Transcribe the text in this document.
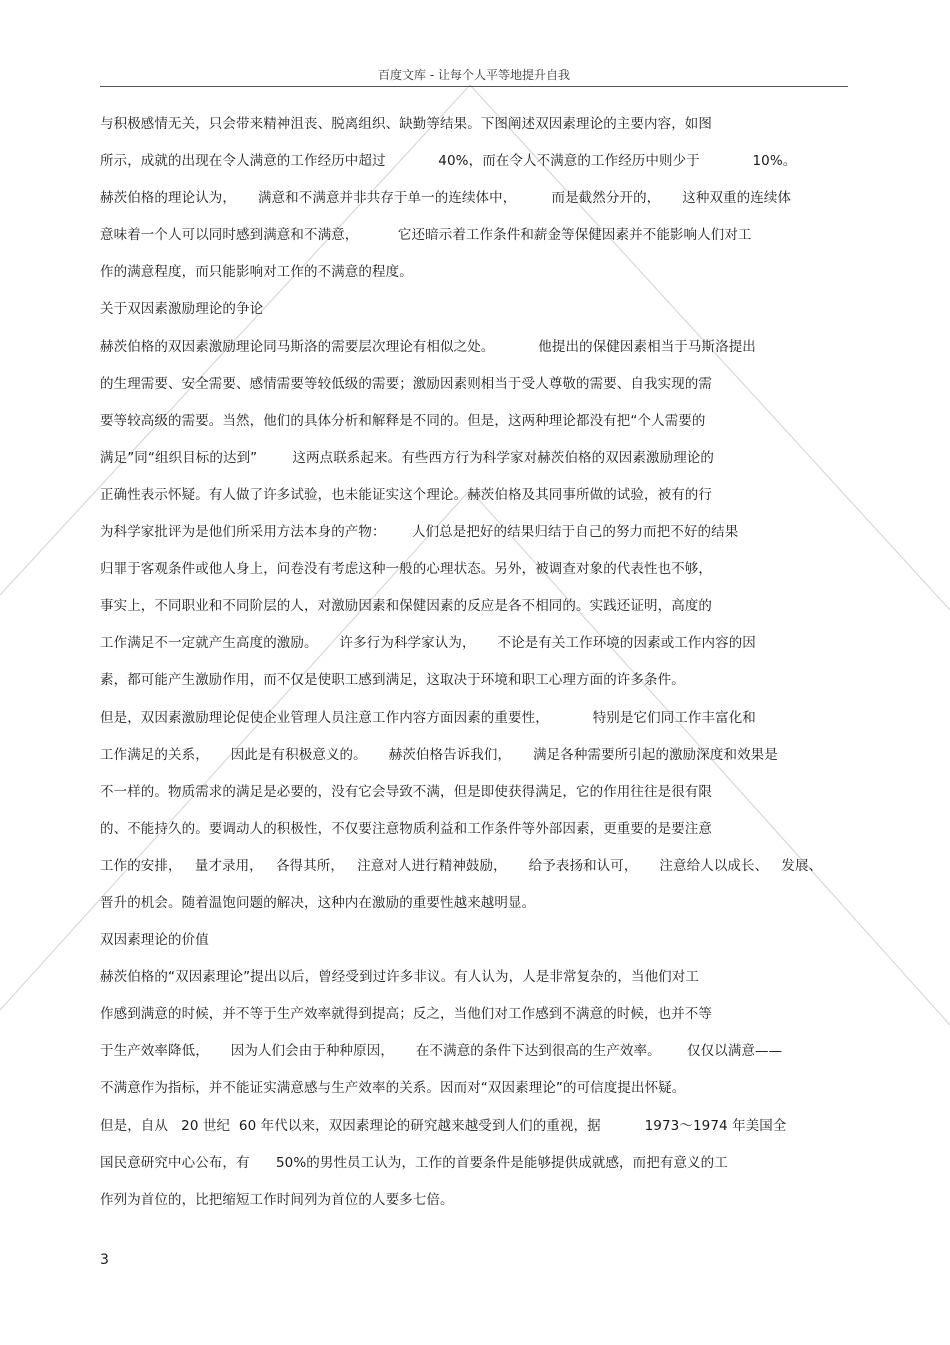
百度文库 - 让每个人平等地提升自我
与积极感情无关，只会带来精神沮丧、脱离组织、缺勤等结果。下图阐述双因素理论的主要内容，如图
所示，成就的出现在令人满意的工作经历中超过            40%，而在令人不满意的工作经历中则少于            10%。
赫茨伯格的理论认为，     满意和不满意并非共存于单一的连续体中，        而是截然分开的，     这种双重的连续体
意味着一个人可以同时感到满意和不满意，         它还暗示着工作条件和薪金等保健因素并不能影响人们对工
作的满意程度，而只能影响对工作的不满意的程度。
关于双因素激励理论的争论
赫茨伯格的双因素激励理论同马斯洛的需要层次理论有相似之处。          他提出的保健因素相当于马斯洛提出
的生理需要、安全需要、感情需要等较低级的需要；激励因素则相当于受人尊敬的需要、自我实现的需
要等较高级的需要。当然，他们的具体分析和解释是不同的。但是，这两种理论都没有把“个人需要的
满足”同“组织目标的达到”        这两点联系起来。有些西方行为科学家对赫茨伯格的双因素激励理论的
正确性表示怀疑。有人做了许多试验，也未能证实这个理论。赫茨伯格及其同事所做的试验，被有的行
为科学家批评为是他们所采用方法本身的产物：      人们总是把好的结果归结于自己的努力而把不好的结果
归罪于客观条件或他人身上，问卷没有考虑这种一般的心理状态。另外，被调查对象的代表性也不够，
事实上，不同职业和不同阶层的人，对激励因素和保健因素的反应是各不相同的。实践还证明，高度的
工作满足不一定就产生高度的激励。     许多行为科学家认为，     不论是有关工作环境的因素或工作内容的因
素，都可能产生激励作用，而不仅是使职工感到满足，这取决于环境和职工心理方面的许多条件。
但是，双因素激励理论促使企业管理人员注意工作内容方面因素的重要性，          特别是它们同工作丰富化和
工作满足的关系，     因此是有积极意义的。     赫茨伯格告诉我们，     满足各种需要所引起的激励深度和效果是
不一样的。物质需求的满足是必要的，没有它会导致不满，但是即使获得满足，它的作用往往是很有限
的、不能持久的。要调动人的积极性，不仅要注意物质利益和工作条件等外部因素，更重要的是要注意
工作的安排，   量才录用，   各得其所，   注意对人进行精神鼓励，     给予表扬和认可，     注意给人以成长、   发展、
晋升的机会。随着温饱问题的解决，这种内在激励的重要性越来越明显。
双因素理论的价值
赫茨伯格的“双因素理论”提出以后，曾经受到过许多非议。有人认为，人是非常复杂的，当他们对工
作感到满意的时候，并不等于生产效率就得到提高；反之，当他们对工作感到不满意的时候，也并不等
于生产效率降低，     因为人们会由于种种原因，     在不满意的条件下达到很高的生产效率。      仅仅以满意——
不满意作为指标，并不能证实满意感与生产效率的关系。因而对“双因素理论”的可信度提出怀疑。
但是，自从   20 世纪  60 年代以来，双因素理论的研究越来越受到人们的重视，据          1973～1974 年美国全
国民意研究中心公布，有      50%的男性员工认为，工作的首要条件是能够提供成就感，而把有意义的工
作列为首位的，比把缩短工作时间列为首位的人要多七倍。
3
